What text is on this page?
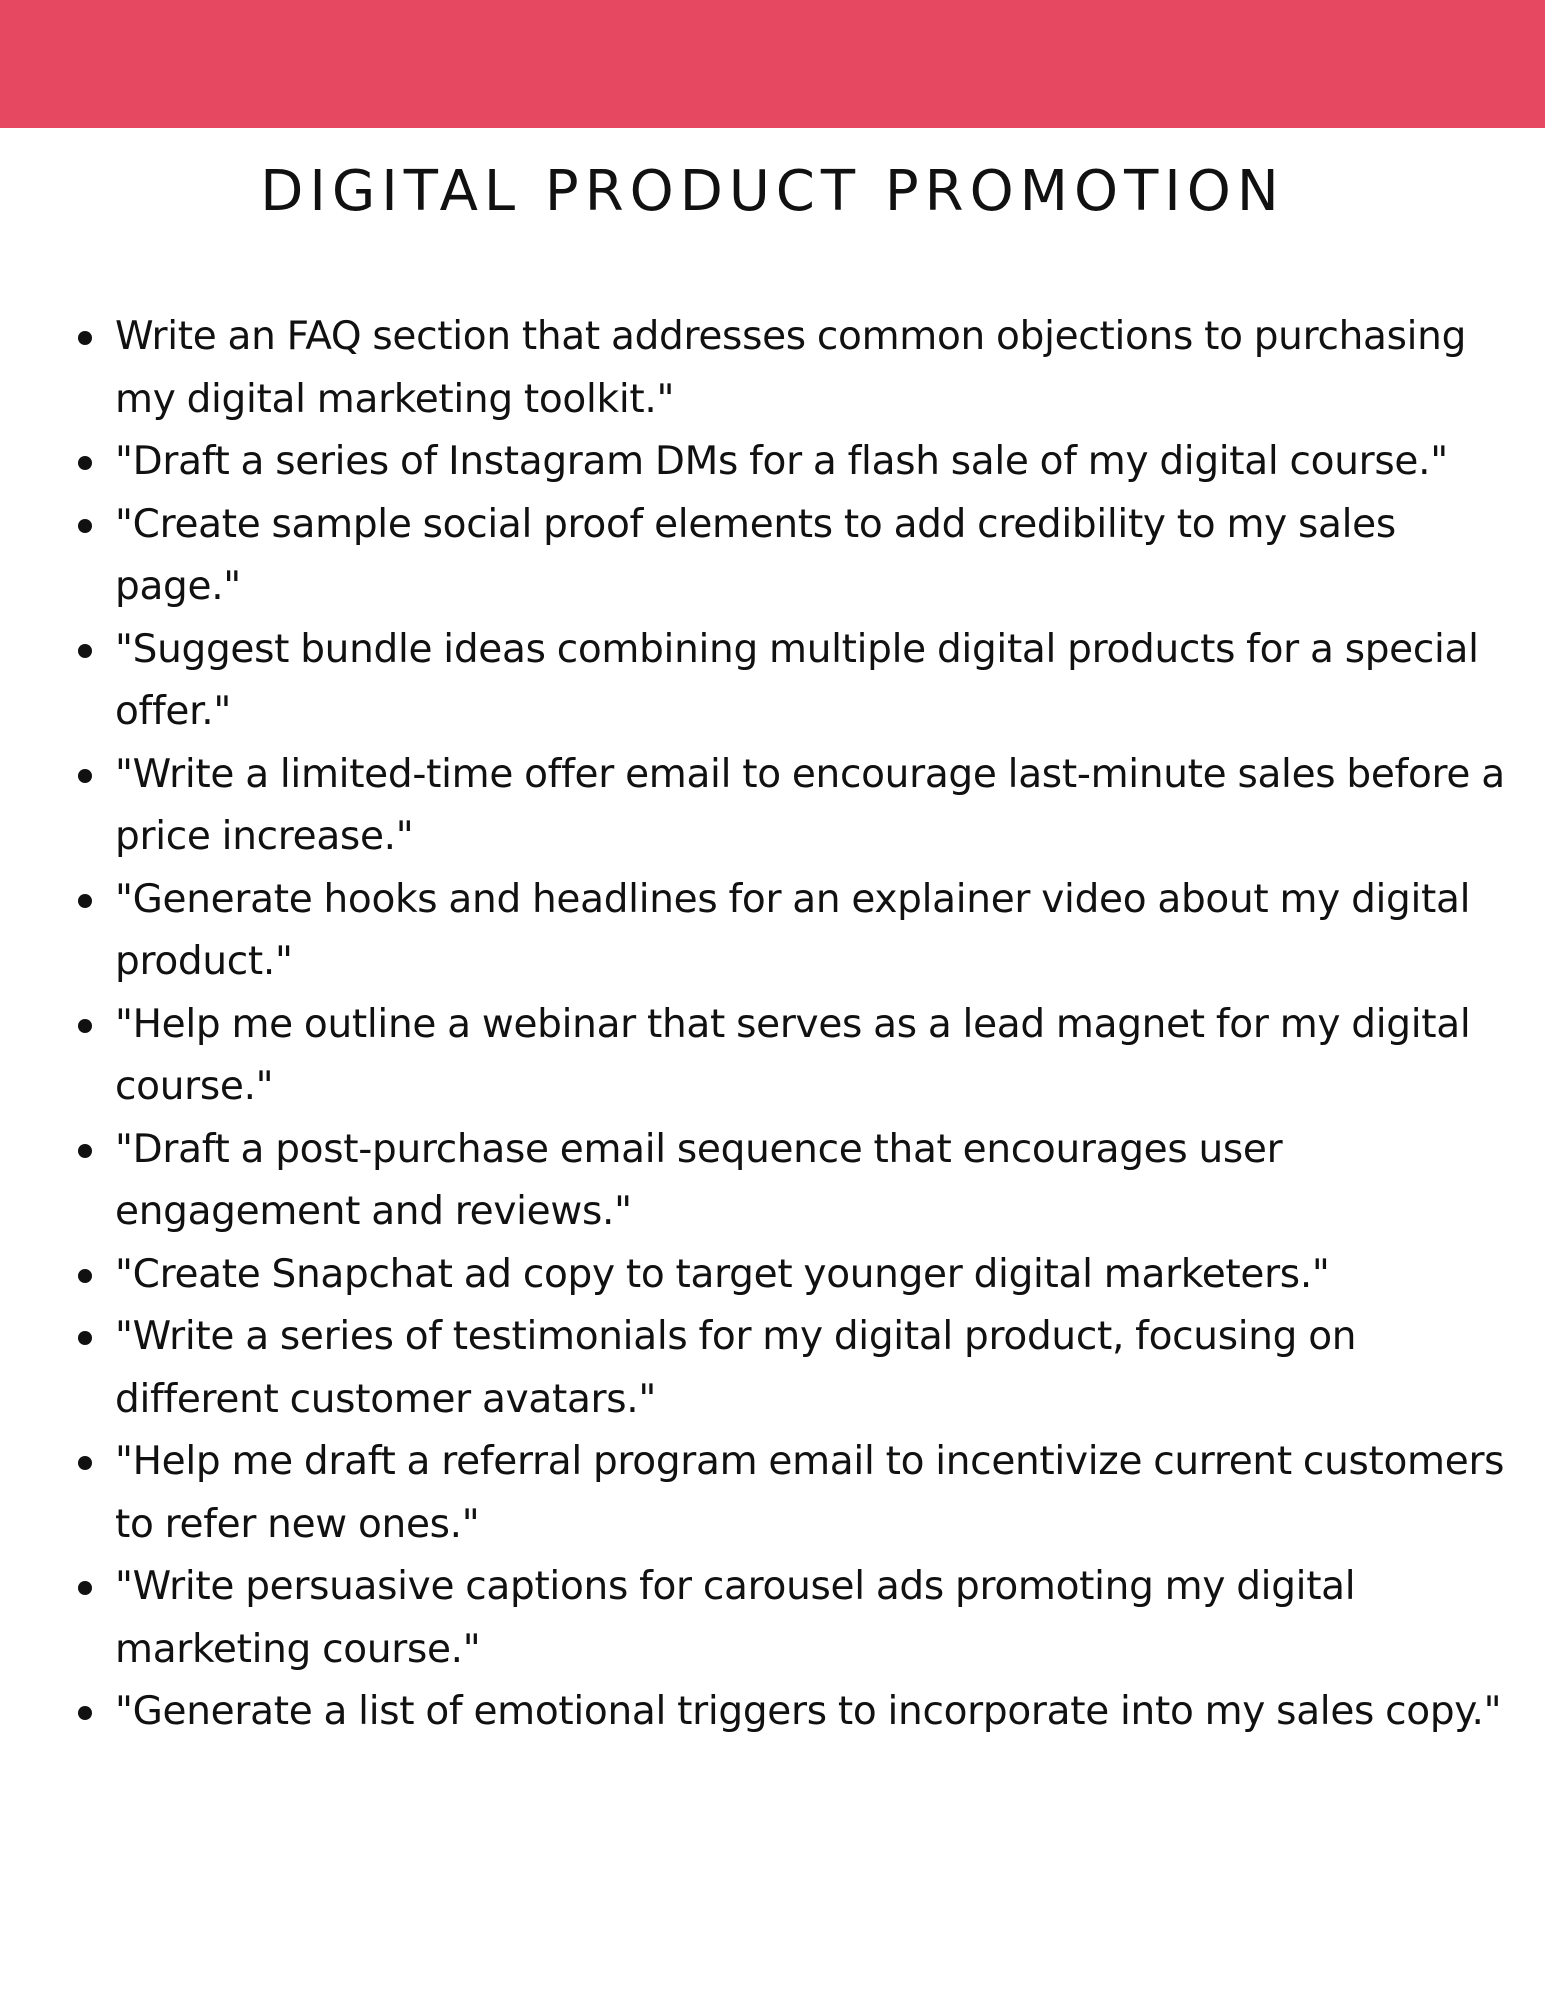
DIGITAL PRODUCT PROMOTION
Write an FAQ section that addresses common objections to purchasing my digital marketing toolkit."
"Draft a series of Instagram DMs for a flash sale of my digital course."
"Create sample social proof elements to add credibility to my sales page."
"Suggest bundle ideas combining multiple digital products for a special offer."
"Write a limited-time offer email to encourage last-minute sales before a price increase."
"Generate hooks and headlines for an explainer video about my digital product."
"Help me outline a webinar that serves as a lead magnet for my digital course."
"Draft a post-purchase email sequence that encourages user engagement and reviews."
"Create Snapchat ad copy to target younger digital marketers."
"Write a series of testimonials for my digital product, focusing on different customer avatars."
"Help me draft a referral program email to incentivize current customers to refer new ones."
"Write persuasive captions for carousel ads promoting my digital marketing course."
"Generate a list of emotional triggers to incorporate into my sales copy."
